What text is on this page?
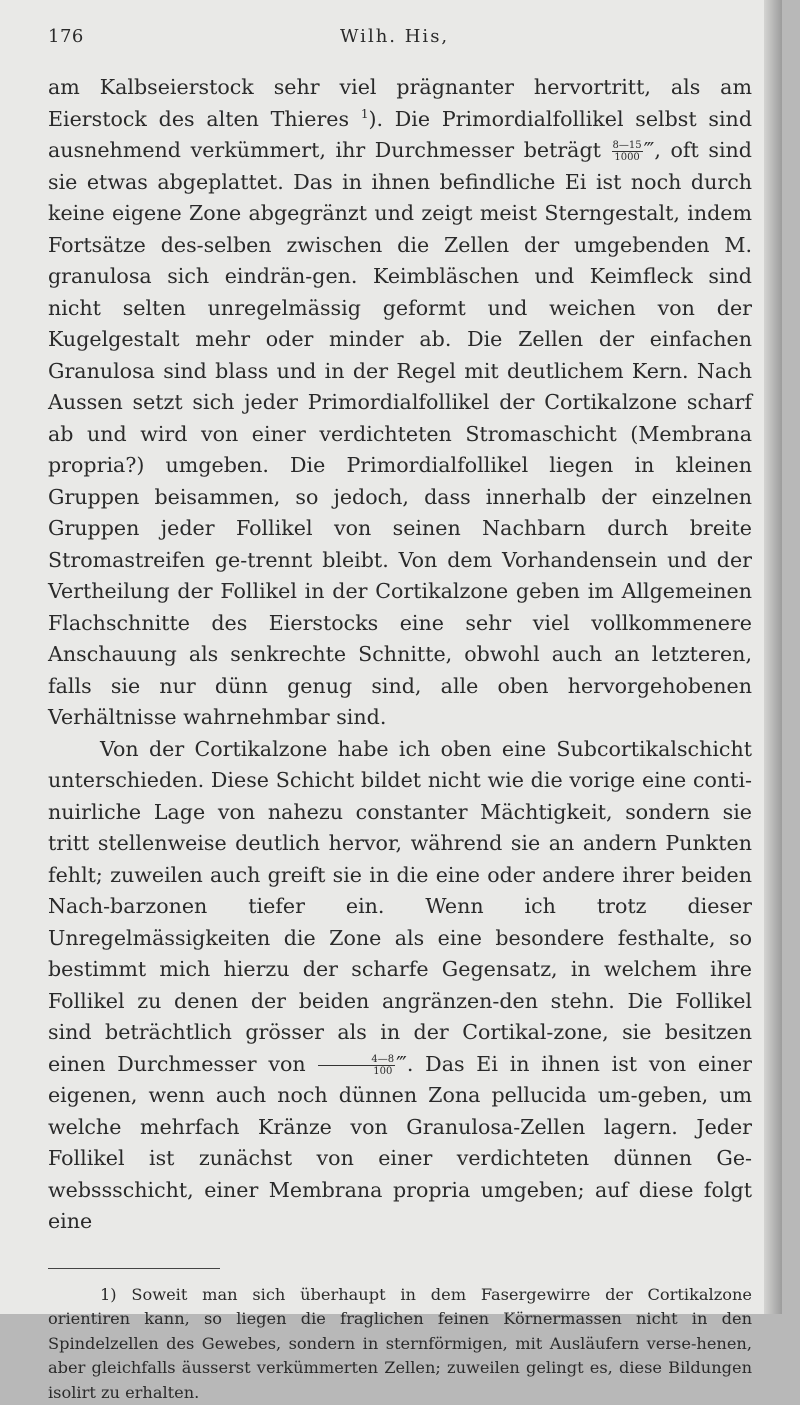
176	Wilh. His,

am Kalbseierstock sehr viel prägnanter hervortritt, als am Eierstock des alten Thieres $^1$). Die Primordialfollikel selbst sind ausnehmend verkümmert, ihr Durchmesser beträgt $\frac{8—15}{1000}$ ‴, oft sind sie etwas abgeplattet. Das in ihnen befindliche Ei ist noch durch keine eigene Zone abgegränzt und zeigt meist Sterngestalt, indem Fortsätze des-selben zwischen die Zellen der umgebenden M. granulosa sich eindrän-gen. Keimbläschen und Keimfleck sind nicht selten unregelmässig geformt und weichen von der Kugelgestalt mehr oder minder ab. Die Zellen der einfachen Granulosa sind blass und in der Regel mit deutlichem Kern. Nach Aussen setzt sich jeder Primordialfollikel der Cortikalzone scharf ab und wird von einer verdichteten Stromaschicht (Membrana propria?) umgeben. Die Primordialfollikel liegen in kleinen Gruppen beisammen, so jedoch, dass innerhalb der einzelnen Gruppen jeder Follikel von seinen Nachbarn durch breite Stromastreifen ge-trennt bleibt. Von dem Vorhandensein und der Vertheilung der Follikel in der Cortikalzone geben im Allgemeinen Flachschnitte des Eierstocks eine sehr viel vollkommenere Anschauung als senkrechte Schnitte, obwohl auch an letzteren, falls sie nur dünn genug sind, alle oben hervorgehobenen Verhältnisse wahrnehmbar sind.

Von der Cortikalzone habe ich oben eine Subcortikalschicht unterschieden. Diese Schicht bildet nicht wie die vorige eine conti-nuirliche Lage von nahezu constanter Mächtigkeit, sondern sie tritt stellenweise deutlich hervor, während sie an andern Punkten fehlt; zuweilen auch greift sie in die eine oder andere ihrer beiden Nach-barzonen tiefer ein. Wenn ich trotz dieser Unregelmässigkeiten die Zone als eine besondere festhalte, so bestimmt mich hierzu der scharfe Gegensatz, in welchem ihre Follikel zu denen der beiden angränzen-den stehn. Die Follikel sind beträchtlich grösser als in der Cortikal-zone, sie besitzen einen Durchmesser von $\frac{4—8}{100}$ ‴. Das Ei in ihnen ist von einer eigenen, wenn auch noch dünnen Zona pellucida um-geben, um welche mehrfach Kränze von Granulosa-Zellen lagern. Jeder Follikel ist zunächst von einer verdichteten dünnen Ge-webssschicht, einer Membrana propria umgeben; auf diese folgt eine

1) Soweit man sich überhaupt in dem Fasergewirre der Cortikalzone orientiren kann, so liegen die fraglichen feinen Körnermassen nicht in den Spindelzellen des Gewebes, sondern in sternförmigen, mit Ausläufern verse-henen, aber gleichfalls äusserst verkümmerten Zellen; zuweilen gelingt es, diese Bildungen isolirt zu erhalten.
